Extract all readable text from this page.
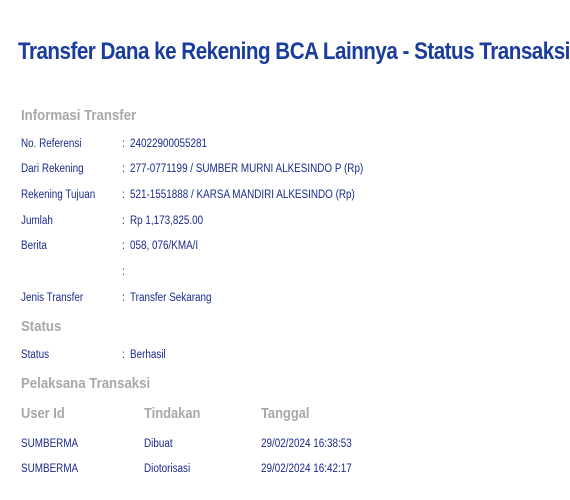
Transfer Dana ke Rekening BCA Lainnya - Status Transaksi
Informasi Transfer
No. Referensi	: 24022900055281
Dari Rekening	: 277-0771199 / SUMBER MURNI ALKESINDO P (Rp)
Rekening Tujuan : 521-1551888 / KARSA MANDIRI ALKESINDO (Rp)
Jumlah	: Rp 1,173,825.00
Berita	: 058, 076/KMA/I
:
Jenis Transfer	: Transfer Sekarang
Status
Status	: Berhasil
Pelaksana Transaksi
User Id	Tindakan	Tanggal
SUMBERMA	Dibuat	29/02/2024 16:38:53
SUMBERMA	Diotorisasi	29/02/2024 16:42:17
